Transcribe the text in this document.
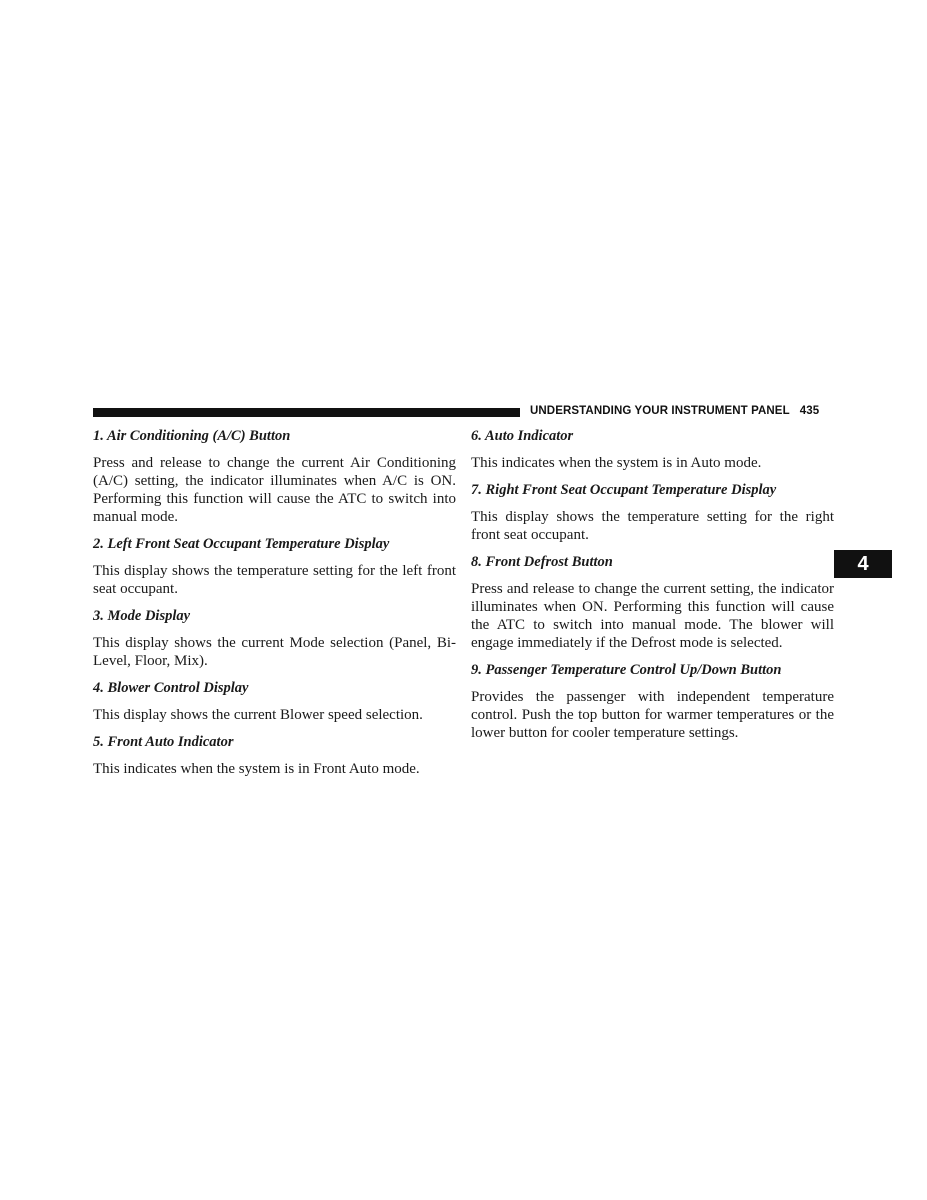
UNDERSTANDING YOUR INSTRUMENT PANEL 435
1. Air Conditioning (A/C) Button
Press and release to change the current Air Conditioning (A/C) setting, the indicator illuminates when A/C is ON. Performing this function will cause the ATC to switch into manual mode.
2. Left Front Seat Occupant Temperature Display
This display shows the temperature setting for the left front seat occupant.
3. Mode Display
This display shows the current Mode selection (Panel, Bi-Level, Floor, Mix).
4. Blower Control Display
This display shows the current Blower speed selection.
5. Front Auto Indicator
This indicates when the system is in Front Auto mode.
6. Auto Indicator
This indicates when the system is in Auto mode.
7. Right Front Seat Occupant Temperature Display
This display shows the temperature setting for the right front seat occupant.
8. Front Defrost Button
Press and release to change the current setting, the indicator illuminates when ON. Performing this function will cause the ATC to switch into manual mode. The blower will engage immediately if the Defrost mode is selected.
9. Passenger Temperature Control Up/Down Button
Provides the passenger with independent temperature control. Push the top button for warmer temperatures or the lower button for cooler temperature settings.
4
